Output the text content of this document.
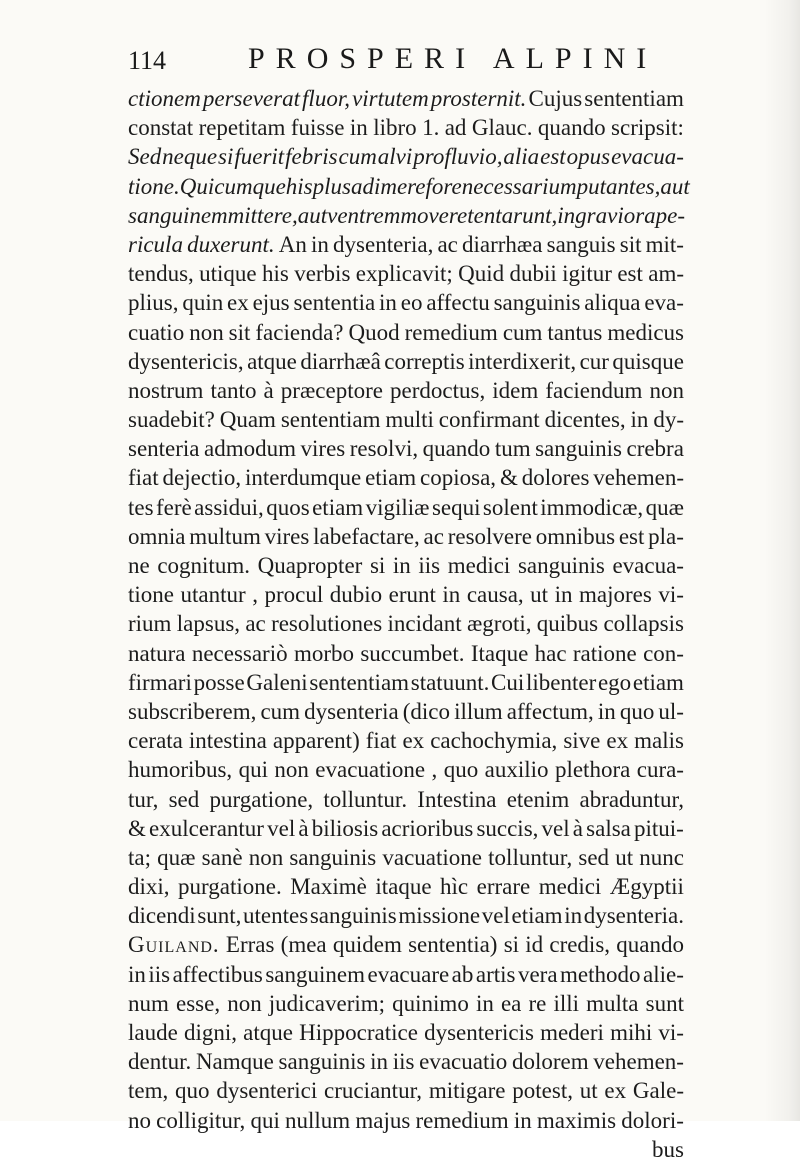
114	PROSPERI ALPINI
ctionem perseverat fluor, virtutem prosternit. Cujus sententiam
constat repetitam fuisse in libro 1. ad Glauc. quando scripsit:
Sed neque si fuerit febris cum alvi profluvio, alia est opus evacua-
tione. Quicumque his plus adimere fore necessarium putantes, aut
sanguinem mittere, aut ventrem movere tentarunt, in graviora pe-
ricula duxerunt. An in dysenteria, ac diarrhæa sanguis sit mit-
tendus, utique his verbis explicavit; Quid dubii igitur est am-
plius, quin ex ejus sententia in eo affectu sanguinis aliqua eva-
cuatio non sit facienda? Quod remedium cum tantus medicus
dysentericis, atque diarrhæâ correptis interdixerit, cur quisque
nostrum tanto à præceptore perdoctus, idem faciendum non
suadebit? Quam sententiam multi confirmant dicentes, in dy-
senteria admodum vires resolvi, quando tum sanguinis crebra
fiat dejectio, interdumque etiam copiosa, & dolores vehemen-
tes ferè assidui, quos etiam vigiliæ sequi solent immodicæ, quæ
omnia multum vires labefactare, ac resolvere omnibus est pla-
ne cognitum. Quapropter si in iis medici sanguinis evacua-
tione utantur , procul dubio erunt in causa, ut in majores vi-
rium lapsus, ac resolutiones incidant ægroti, quibus collapsis
natura necessariò morbo succumbet. Itaque hac ratione con-
firmari posse Galeni sententiam statuunt. Cui libenter ego etiam
subscriberem, cum dysenteria (dico illum affectum, in quo ul-
cerata intestina apparent) fiat ex cachochymia, sive ex malis
humoribus, qui non evacuatione , quo auxilio plethora cura-
tur, sed purgatione, tolluntur. Intestina etenim abraduntur,
& exulcerantur vel à biliosis acrioribus succis, vel à salsa pitui-
ta; quæ sanè non sanguinis vacuatione tolluntur, sed ut nunc
dixi, purgatione. Maximè itaque hìc errare medici Ægyptii
dicendi sunt, utentes sanguinis missione vel etiam in dysenteria.
Guiland. Erras (mea quidem sententia) si id credis, quando
in iis affectibus sanguinem evacuare ab artis vera methodo alie-
num esse, non judicaverim; quinimo in ea re illi multa sunt
laude digni, atque Hippocratice dysentericis mederi mihi vi-
dentur. Namque sanguinis in iis evacuatio dolorem vehemen-
tem, quo dysenterici cruciantur, mitigare potest, ut ex Gale-
no colligitur, qui nullum majus remedium in maximis dolori-
bus
